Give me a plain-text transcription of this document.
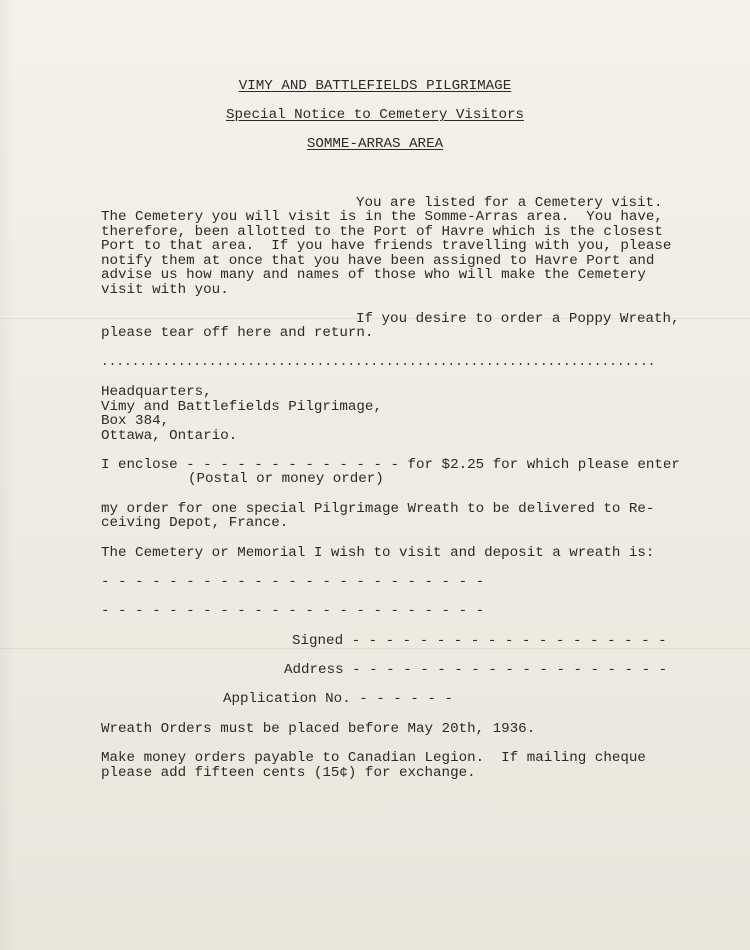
VIMY AND BATTLEFIELDS PILGRIMAGE
Special Notice to Cemetery Visitors
SOMME-ARRAS AREA
You are listed for a Cemetery visit.
The Cemetery you will visit is in the Somme-Arras area.  You have,
therefore, been allotted to the Port of Havre which is the closest
Port to that area.  If you have friends travelling with you, please
notify them at once that you have been assigned to Havre Port and
advise us how many and names of those who will make the Cemetery
visit with you.
If you desire to order a Poppy Wreath,
please tear off here and return.
........................................................................
Headquarters,
Vimy and Battlefields Pilgrimage,
Box 384,
Ottawa, Ontario.
I enclose - - - - - - - - - - - - - for $2.25 for which please enter
(Postal or money order)
my order for one special Pilgrimage Wreath to be delivered to Re-
ceiving Depot, France.
The Cemetery or Memorial I wish to visit and deposit a wreath is:
- - - - - - - - - - - - - - - - - - - - - - -
- - - - - - - - - - - - - - - - - - - - - - -
Signed - - - - - - - - - - - - - - - - - - -
Address - - - - - - - - - - - - - - - - - - -
Application No. - - - - - -
Wreath Orders must be placed before May 20th, 1936.
Make money orders payable to Canadian Legion.  If mailing cheque
please add fifteen cents (15¢) for exchange.
